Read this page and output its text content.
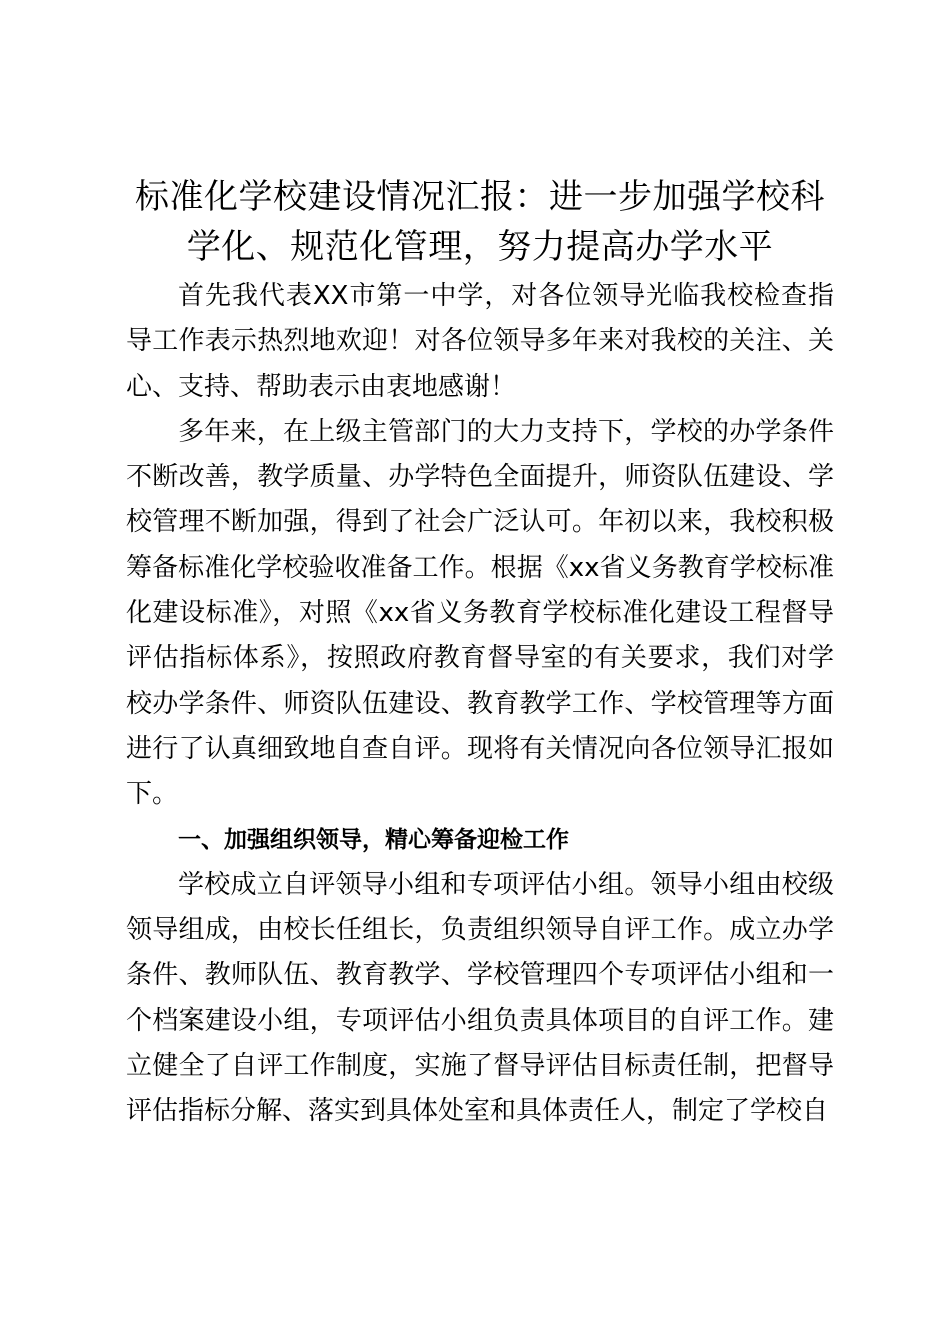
标准化学校建设情况汇报：进一步加强学校科
学化、规范化管理，努力提高办学水平

首先我代表XX市第一中学，对各位领导光临我校检查指导工作表示热烈地欢迎！对各位领导多年来对我校的关注、关心、支持、帮助表示由衷地感谢！

多年来，在上级主管部门的大力支持下，学校的办学条件不断改善，教学质量、办学特色全面提升，师资队伍建设、学校管理不断加强，得到了社会广泛认可。年初以来，我校积极筹备标准化学校验收准备工作。根据《xx省义务教育学校标准化建设标准》，对照《xx省义务教育学校标准化建设工程督导评估指标体系》，按照政府教育督导室的有关要求，我们对学校办学条件、师资队伍建设、教育教学工作、学校管理等方面进行了认真细致地自查自评。现将有关情况向各位领导汇报如下。

一、加强组织领导，精心筹备迎检工作

学校成立自评领导小组和专项评估小组。领导小组由校级领导组成，由校长任组长，负责组织领导自评工作。成立办学条件、教师队伍、教育教学、学校管理四个专项评估小组和一个档案建设小组，专项评估小组负责具体项目的自评工作。建立健全了自评工作制度，实施了督导评估目标责任制，把督导评估指标分解、落实到具体处室和具体责任人，制定了学校自
